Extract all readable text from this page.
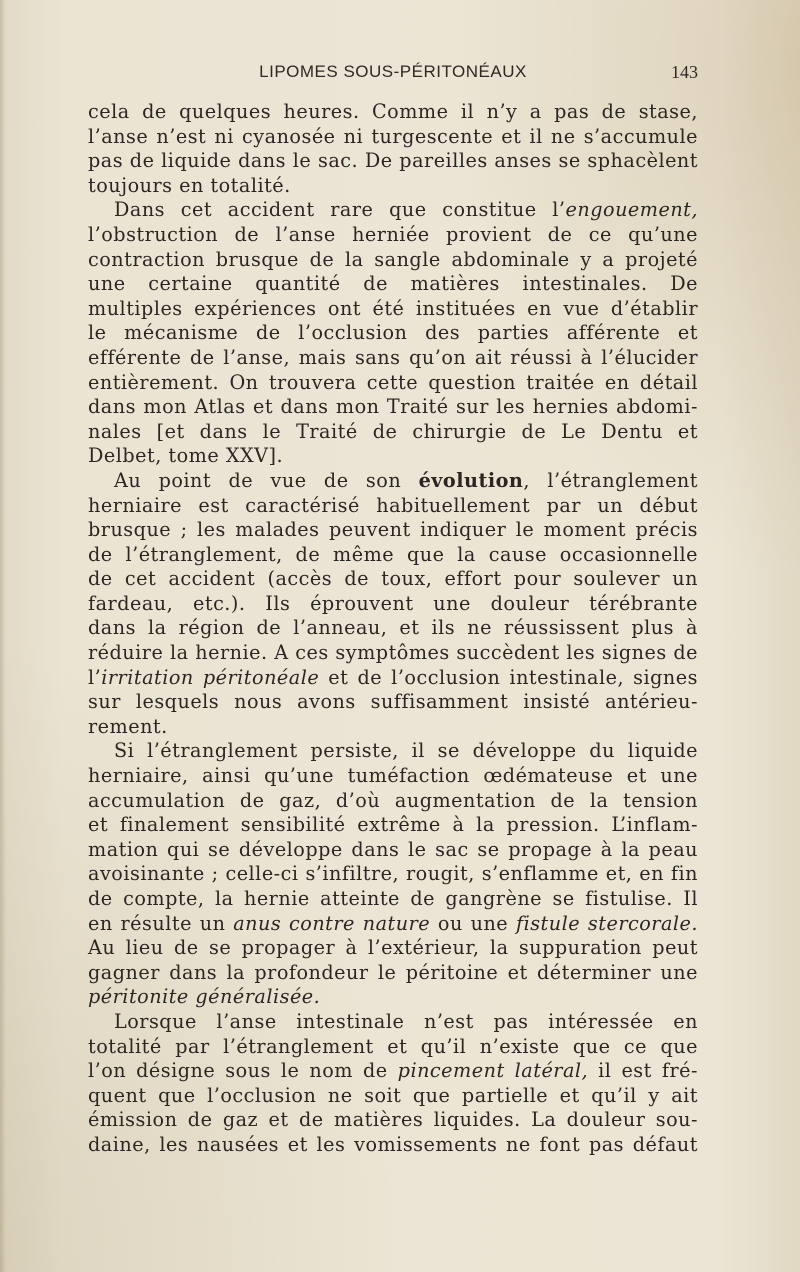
LIPOMES SOUS-PÉRITONÉAUX	143
cela de quelques heures. Comme il n’y a pas de stase,
l’anse n’est ni cyanosée ni turgescente et il ne s’accumule
pas de liquide dans le sac. De pareilles anses se sphacèlent
toujours en totalité.
Dans cet accident rare que constitue l’engouement,
l’obstruction de l’anse herniée provient de ce qu’une
contraction brusque de la sangle abdominale y a projeté
une certaine quantité de matières intestinales. De
multiples expériences ont été instituées en vue d’établir
le mécanisme de l’occlusion des parties afférente et
efférente de l’anse, mais sans qu’on ait réussi à l’élucider
entièrement. On trouvera cette question traitée en détail
dans mon Atlas et dans mon Traité sur les hernies abdomi-
nales [et dans le Traité de chirurgie de Le Dentu et
Delbet, tome XXV].
Au point de vue de son évolution, l’étranglement
herniaire est caractérisé habituellement par un début
brusque ; les malades peuvent indiquer le moment précis
de l’étranglement, de même que la cause occasionnelle
de cet accident (accès de toux, effort pour soulever un
fardeau, etc.). Ils éprouvent une douleur térébrante
dans la région de l’anneau, et ils ne réussissent plus à
réduire la hernie. A ces symptômes succèdent les signes de
l’irritation péritonéale et de l’occlusion intestinale, signes
sur lesquels nous avons suffisamment insisté antérieu-
rement.
Si l’étranglement persiste, il se développe du liquide
herniaire, ainsi qu’une tuméfaction œdémateuse et une
accumulation de gaz, d’où augmentation de la tension
et finalement sensibilité extrême à la pression. L’inflam-
mation qui se développe dans le sac se propage à la peau
avoisinante ; celle-ci s’infiltre, rougit, s’enflamme et, en fin
de compte, la hernie atteinte de gangrène se fistulise. Il
en résulte un anus contre nature ou une fistule stercorale.
Au lieu de se propager à l’extérieur, la suppuration peut
gagner dans la profondeur le péritoine et déterminer une
péritonite généralisée.
Lorsque l’anse intestinale n’est pas intéressée en
totalité par l’étranglement et qu’il n’existe que ce que
l’on désigne sous le nom de pincement latéral, il est fré-
quent que l’occlusion ne soit que partielle et qu’il y ait
émission de gaz et de matières liquides. La douleur sou-
daine, les nausées et les vomissements ne font pas défaut
